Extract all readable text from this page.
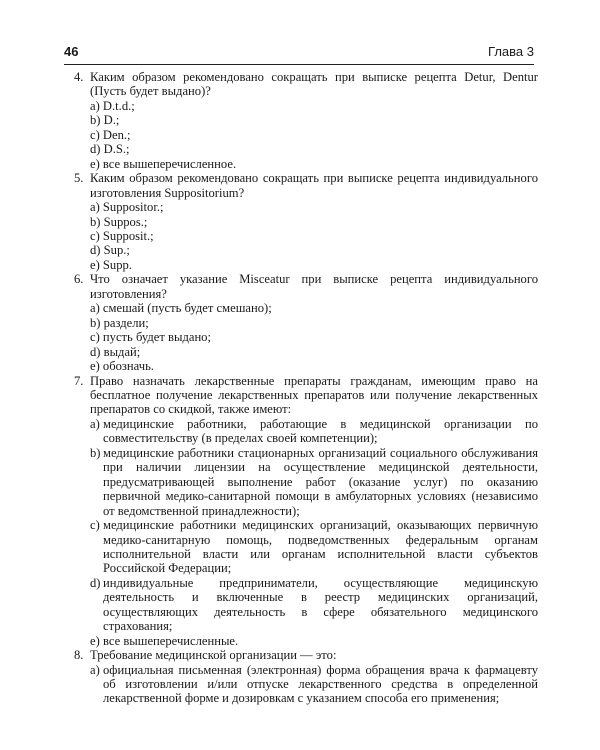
46	Глава 3
4. Каким образом рекомендовано сокращать при выписке рецепта Detur, Dentur (Пусть будет выдано)?
a) D.t.d.;
b) D.;
c) Den.;
d) D.S.;
e) все вышеперечисленное.
5. Каким образом рекомендовано сокращать при выписке рецепта индивидуального изготовления Suppositorium?
a) Suppositor.;
b) Suppos.;
c) Supposit.;
d) Sup.;
e) Supp.
6. Что означает указание Misceatur при выписке рецепта индивидуального изготовления?
a) смешай (пусть будет смешано);
b) раздели;
c) пусть будет выдано;
d) выдай;
e) обозначь.
7. Право назначать лекарственные препараты гражданам, имеющим право на бесплатное получение лекарственных препаратов или получение лекарственных препаратов со скидкой, также имеют:
a) медицинские работники, работающие в медицинской организации по совместительству (в пределах своей компетенции);
b) медицинские работники стационарных организаций социального обслуживания при наличии лицензии на осуществление медицинской деятельности, предусматривающей выполнение работ (оказание услуг) по оказанию первичной медико-санитарной помощи в амбулаторных условиях (независимо от ведомственной принадлежности);
c) медицинские работники медицинских организаций, оказывающих первичную медико-санитарную помощь, подведомственных федеральным органам исполнительной власти или органам исполнительной власти субъектов Российской Федерации;
d) индивидуальные предприниматели, осуществляющие медицинскую деятельность и включенные в реестр медицинских организаций, осуществляющих деятельность в сфере обязательного медицинского страхования;
e) все вышеперечисленные.
8. Требование медицинской организации — это:
a) официальная письменная (электронная) форма обращения врача к фармацевту об изготовлении и/или отпуске лекарственного средства в определенной лекарственной форме и дозировкам с указанием способа его применения;
